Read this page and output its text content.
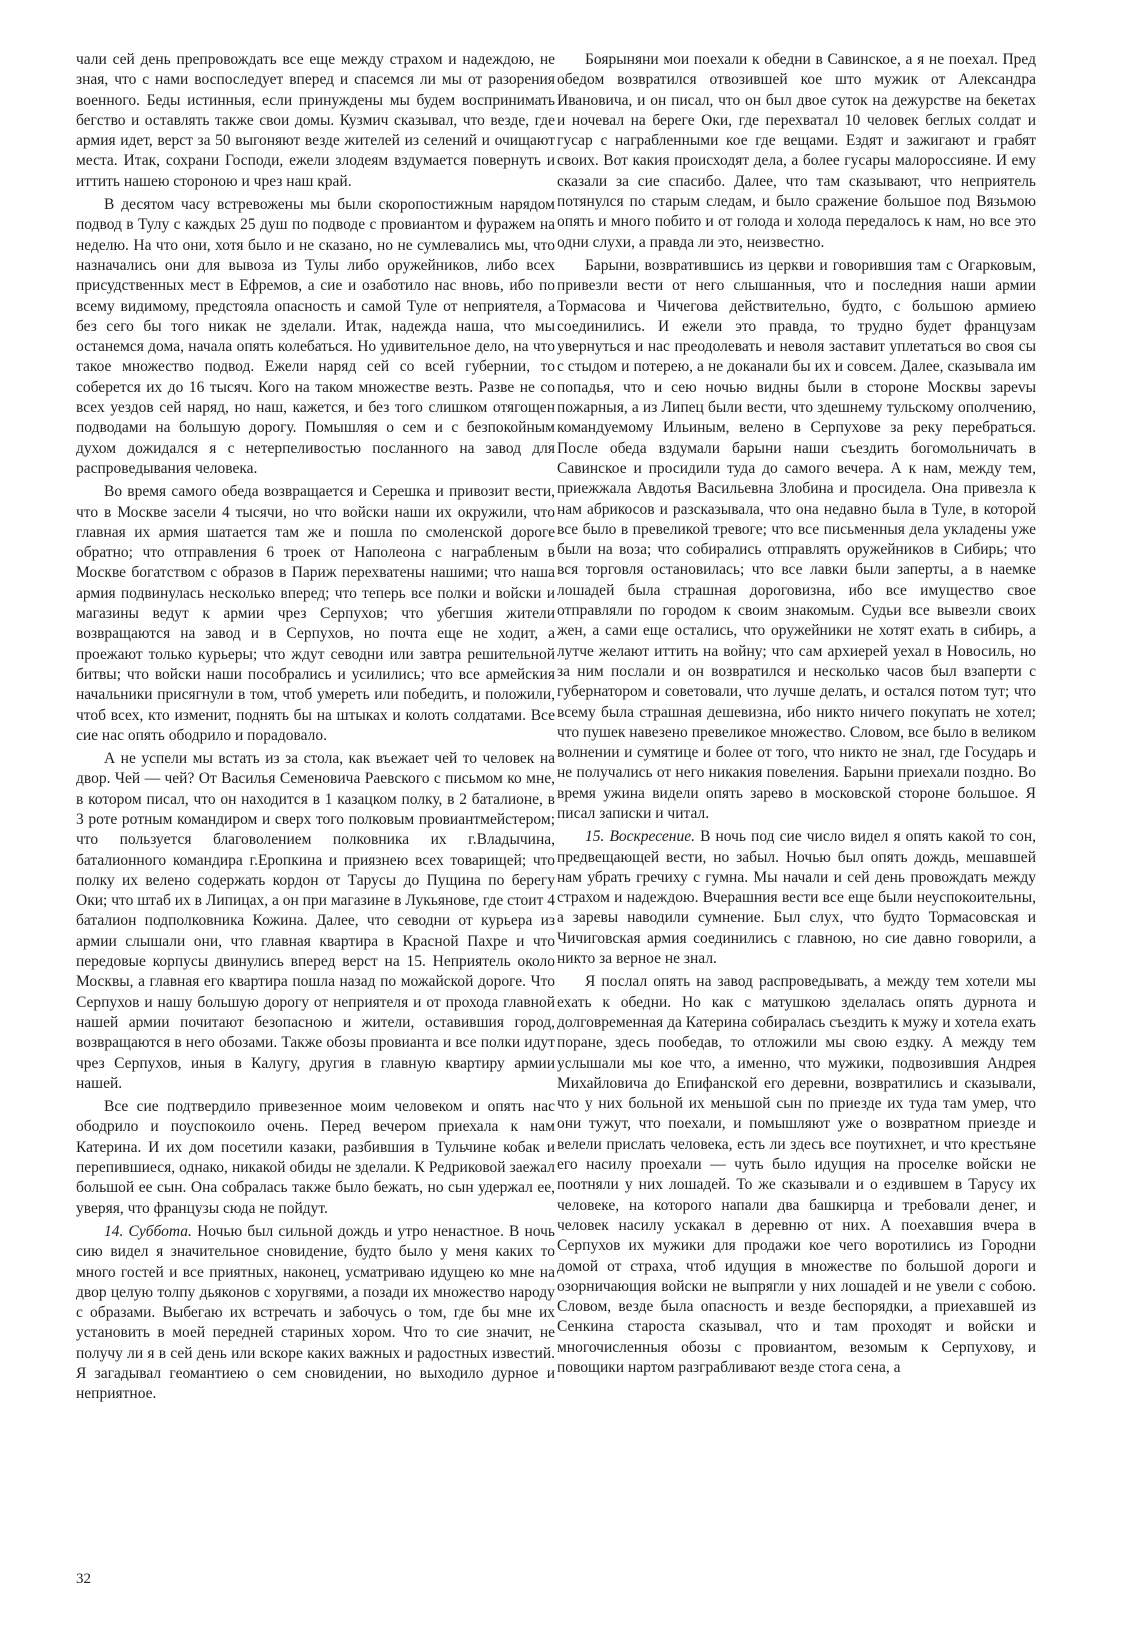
чали сей день препровождать все еще между страхом и надеждою, не зная, что с нами воспоследует вперед и спасемся ли мы от разорения военного. Беды истинныя, если принуждены мы будем воспринимать бегство и оставлять также свои домы. Кузмич сказывал, что везде, где армия идет, верст за 50 выгоняют везде жителей из селений и очищают места. Итак, сохрани Господи, ежели злодеям вздумается повернуть и иттить нашею стороною и чрез наш край.

В десятом часу встревожены мы были скоропостижным нарядом подвод в Тулу с каждых 25 душ по подводе с провиантом и фуражем на неделю. На что они, хотя было и не сказано, но не сумлевались мы, что назначались они для вывоза из Тулы либо оружейников, либо всех присудственных мест в Ефремов, а сие и озаботило нас вновь, ибо по всему видимому, предстояла опасность и самой Туле от неприятеля, а без сего бы того никак не зделали. Итак, надежда наша, что мы останемся дома, начала опять колебаться. Но удивительное дело, на что такое множество подвод. Ежели наряд сей со всей губернии, то соберется их до 16 тысяч. Кого на таком множестве везть. Разве не со всех уездов сей наряд, но наш, кажется, и без того слишком отягощен подводами на большую дорогу. Помышляя о сем и с безпокойным духом дожидался я с нетерпеливостью посланного на завод для распроведывания человека.

Во время самого обеда возвращается и Серешка и привозит вести, что в Москве засели 4 тысячи, но что войски наши их окружили, что главная их армия шатается там же и пошла по смоленской дороге обратно; что отправления 6 троек от Наполеона с награбленым в Москве богатством с образов в Париж перехватены нашими; что наша армия подвинулась несколько вперед; что теперь все полки и войски и магазины ведут к армии чрез Серпухов; что убегшия жители возвращаются на завод и в Серпухов, но почта еще не ходит, а проежают только курьеры; что ждут севодни или завтра решительной битвы; что войски наши пособрались и усилились; что все армейския начальники присягнули в том, чтоб умереть или победить, и положили, чтоб всех, кто изменит, поднять бы на штыках и колоть солдатами. Все сие нас опять ободрило и порадовало.

А не успели мы встать из за стола, как въежает чей то человек на двор. Чей — чей? От Василья Семеновича Раевского с письмом ко мне, в котором писал, что он находится в 1 казацком полку, в 2 баталионе, в 3 роте ротным командиром и сверх того полковым провиантмейстером; что пользуется благоволением полковника их г.Владычина, баталионного командира г.Еропкина и приязнею всех товарищей; что полку их велено содержать кордон от Тарусы до Пущина по берегу Оки; что штаб их в Липицах, а он при магазине в Лукьянове, где стоит 4 баталион подполковника Кожина. Далее, что севодни от курьера из армии слышали они, что главная квартира в Красной Пахре и что передовые корпусы двинулись вперед верст на 15. Неприятель около Москвы, а главная его квартира пошла назад по можайской дороге. Что Серпухов и нашу большую дорогу от неприятеля и от прохода главной нашей армии почитают безопасною и жители, оставившия город, возвращаются в него обозами. Также обозы провианта и все полки идут чрез Серпухов, иныя в Калугу, другия в главную квартиру армии нашей.

Все сие подтвердило привезенное моим человеком и опять нас ободрило и поуспокоило очень. Перед вечером приехала к нам Катерина. И их дом посетили казаки, разбившия в Тульчине кобак и перепившиеся, однако, никакой обиды не зделали. К Редриковой заежал большой ее сын. Она собралась также было бежать, но сын удержал ее, уверяя, что французы сюда не пойдут.

14. Суббота. Ночью был сильной дождь и утро ненастное. В ночь сию видел я значительное сновидение, будто было у меня каких то много гостей и все приятных, наконец, усматриваю идущею ко мне на двор целую толпу дьяконов с хоругвями, а позади их множество народу с образами. Выбегаю их встречать и забочусь о том, где бы мне их установить в моей передней стариных хором. Что то сие значит, не получу ли я в сей день или вскоре каких важных и радостных известий. Я загадывал геомантиею о сем сновидении, но выходило дурное и неприятное.

Боярыняни мои поехали к обедни в Савинское, а я не поехал. Пред обедом возвратился отвозившей кое што мужик от Александра Ивановича, и он писал, что он был двое суток на дежурстве на бекетах и ночевал на береге Оки, где перехватал 10 человек беглых солдат и гусар с награбленными кое где вещами. Ездят и зажигают и грабят своих. Вот какия происходят дела, а более гусары малороссияне. И ему сказали за сие спасибо. Далее, что там сказывают, что неприятель потянулся по старым следам, и было сражение большое под Вязьмою опять и много побито и от голода и холода передалось к нам, но все это одни слухи, а правда ли это, неизвестно.

Барыни, возвратившись из церкви и говорившия там с Огарковым, привезли вести от него слышанныя, что и последния наши армии Тормасова и Чичегова действительно, будто, с большою армиею соединились. И ежели это правда, то трудно будет французам увернуться и нас преодолевать и неволя заставит уплетаться во своя сы с стыдом и потерею, а не доканали бы их и совсем. Далее, сказывала им попадья, что и сею ночью видны были в стороне Москвы зарevы пожарныя, а из Липец были вести, что здешнему тульскому ополчению, командуемому Ильиным, велено в Серпухове за реку перебраться. После обеда вздумали барыни наши съездить богомольничать в Савинское и просидили туда до самого вечера. А к нам, между тем, приежжала Авдотья Васильевна Злобина и просидела. Она привезла к нам абрикосов и разсказывала, что она недавно была в Туле, в которой все было в превеликой тревоге; что все письменныя дела укладены уже были на воза; что собирались отправлять оружейников в Сибирь; что вся торговля остановилась; что все лавки были заперты, а в наемке лошадей была страшная дороговизна, ибо все имущество свое отправляли по городом к своим знакомым. Судьи все вывезли своих жен, а сами еще остались, что оружейники не хотят ехать в сибирь, а лутче желают иттить на войну; что сам архиерей уехал в Новосиль, но за ним послали и он возвратился и несколько часов был взаперти с губернатором и советовали, что лучше делать, и остался потом тут; что всему была страшная дешевизна, ибо никто ничего покупать не хотел; что пушек навезено превеликое множество. Словом, все было в великом волнении и сумятице и более от того, что никто не знал, где Государь и не получались от него никакия повеления. Барыни приехали поздно. Во время ужина видели опять зарево в московской стороне большое. Я писал записки и читал.

15. Воскресение. В ночь под сие число видел я опять какой то сон, предвещающей вести, но забыл. Ночью был опять дождь, мешавшей нам убрать гречиху с гумна. Мы начали и сей день провождать между страхом и надеждою. Вчерашния вести все еще были неуспокоительны, а заревы наводили сумнение. Был слух, что будто Тормасовская и Чичиговская армия соединились с главною, но сие давно говорили, а никто за верное не знал.

Я послал опять на завод распроведывать, а между тем хотели мы ехать к обедни. Но как с матушкою зделалась опять дурнота и долговременная да Катерина собиралась съездить к мужу и хотела ехать поране, здесь пообедав, то отложили мы свою ездку. А между тем услышали мы кое что, а именно, что мужики, подвозившия Андрея Михайловича до Епифанской его деревни, возвратились и сказывали, что у них больной их меньшой сын по приезде их туда там умер, что они тужут, что поехали, и помышляют уже о возвратном приезде и велели прислать человека, есть ли здесь все поутихнет, и что крестьяне его насилу проехали — чуть было идущия на проселке войски не поотняли у них лошадей. То же сказывали и о ездившем в Тарусу их человеке, на которого напали два башкирца и требовали денег, и человек насилу ускакал в деревню от них. А поехавшия вчера в Серпухов их мужики для продажи кое чего воротились из Городни домой от страха, чтоб идущия в множестве по большой дороги и озорничающия войски не выпрягли у них лошадей и не увели с собою. Словом, везде была опасность и везде беспорядки, а приехавшей из Сенкина староста сказывал, что и там проходят и войски и многочисленныя обозы с провиантом, везомым к Серпухову, и повощики нартом разграбливают везде стога сена, а

32
